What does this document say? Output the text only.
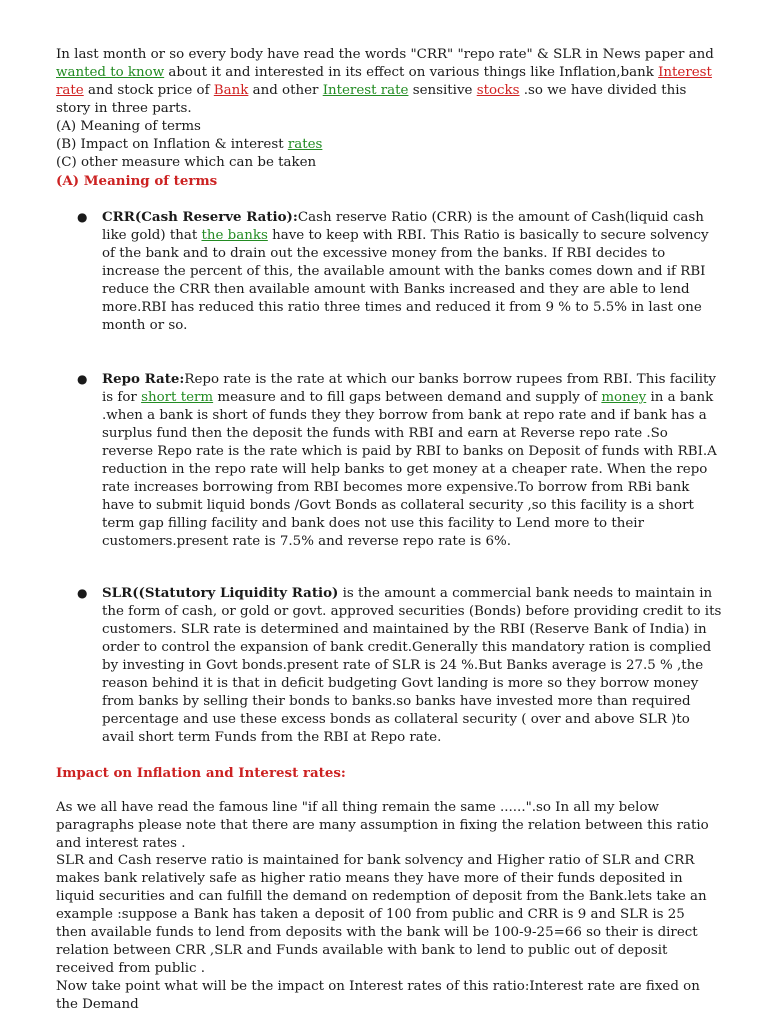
In last month or so every body have read the words "CRR" "repo rate" & SLR in News paper and wanted to know about it and interested in its effect on various things like Inflation,bank Interest rate and stock price of Bank and other Interest rate sensitive stocks .so we have divided this story in three parts.
(A) Meaning of terms
(B) Impact on Inflation & interest rates
(C) other measure which can be taken

(A) Meaning of terms

● CRR(Cash Reserve Ratio):Cash reserve Ratio (CRR) is the amount of Cash(liquid cash like gold) that the banks have to keep with RBI. This Ratio is basically to secure solvency of the bank and to drain out the excessive money from the banks. If RBI decides to increase the percent of this, the available amount with the banks comes down and if RBI reduce the CRR then available amount with Banks increased and they are able to lend more.RBI has reduced this ratio three times and reduced it from 9 % to 5.5% in last one month or so.

● Repo Rate:Repo rate is the rate at which our banks borrow rupees from RBI. This facility is for short term measure and to fill gaps between demand and supply of money in a bank .when a bank is short of funds they they borrow from bank at repo rate and if bank has a surplus fund then the deposit the funds with RBI and earn at Reverse repo rate .So reverse Repo rate is the rate which is paid by RBI to banks on Deposit of funds with RBI.A reduction in the repo rate will help banks to get money at a cheaper rate. When the repo rate increases borrowing from RBI becomes more expensive.To borrow from RBi bank have to submit liquid bonds /Govt Bonds as collateral security ,so this facility is a short term gap filling facility and bank does not use this facility to Lend more to their customers.present rate is 7.5% and reverse repo rate is 6%.

● SLR((Statutory Liquidity Ratio) is the amount a commercial bank needs to maintain in the form of cash, or gold or govt. approved securities (Bonds) before providing credit to its customers. SLR rate is determined and maintained by the RBI (Reserve Bank of India) in order to control the expansion of bank credit.Generally this mandatory ration is complied by investing in Govt bonds.present rate of SLR is 24 %.But Banks average is 27.5 % ,the reason behind it is that in deficit budgeting Govt landing is more so they borrow money from banks by selling their bonds to banks.so banks have invested more than required percentage and use these excess bonds as collateral security ( over and above SLR )to avail short term Funds from the RBI at Repo rate.

Impact on Inflation and Interest rates:

As we all have read the famous line "if all thing remain the same ......".so In all my below paragraphs please note that there are many assumption in fixing the relation between this ratio and interest rates .

SLR and Cash reserve ratio is maintained for bank solvency and Higher ratio of SLR and CRR makes bank relatively safe as higher ratio means they have more of their funds deposited in liquid securities and can fulfill the demand on redemption of deposit from the Bank.lets take an example :suppose a Bank has taken a deposit of 100 from public and CRR is 9 and SLR is 25 then available funds to lend from deposits with the bank will be 100-9-25=66 so their is direct relation between CRR ,SLR and Funds available with bank to lend to public out of deposit received from public .

Now take point what will be the impact on Interest rates of this ratio:Interest rate are fixed on the Demand
